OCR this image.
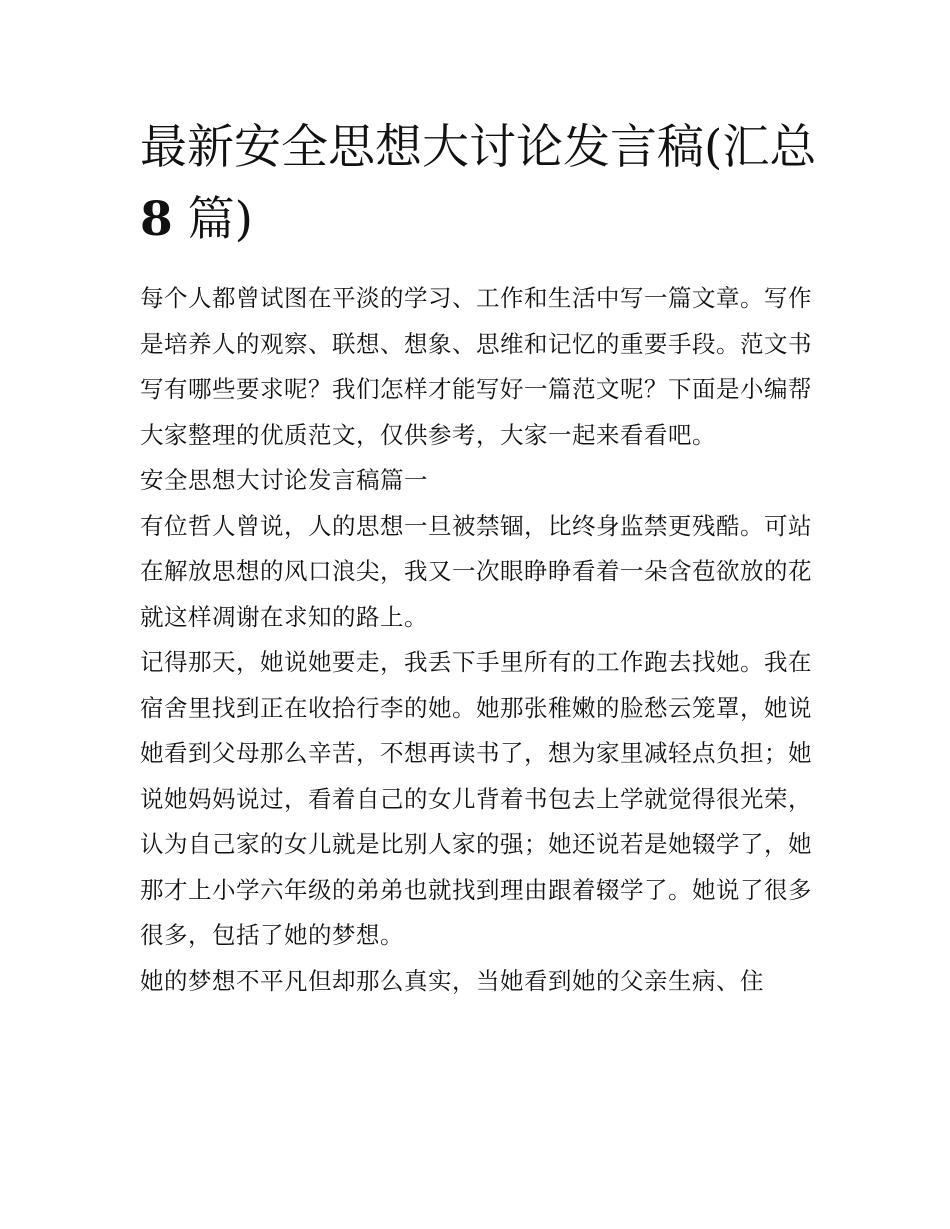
最新安全思想大讨论发言稿(汇总 8 篇)

每个人都曾试图在平淡的学习、工作和生活中写一篇文章。写作是培养人的观察、联想、想象、思维和记忆的重要手段。范文书写有哪些要求呢？我们怎样才能写好一篇范文呢？下面是小编帮大家整理的优质范文，仅供参考，大家一起来看看吧。

安全思想大讨论发言稿篇一

有位哲人曾说，人的思想一旦被禁锢，比终身监禁更残酷。可站在解放思想的风口浪尖，我又一次眼睁睁看着一朵含苞欲放的花就这样凋谢在求知的路上。

记得那天，她说她要走，我丢下手里所有的工作跑去找她。我在宿舍里找到正在收拾行李的她。她那张稚嫩的脸愁云笼罩，她说她看到父母那么辛苦，不想再读书了，想为家里减轻点负担；她说她妈妈说过，看着自己的女儿背着书包去上学就觉得很光荣，认为自己家的女儿就是比别人家的强；她还说若是她辍学了，她那才上小学六年级的弟弟也就找到理由跟着辍学了。她说了很多很多，包括了她的梦想。

她的梦想不平凡但却那么真实，当她看到她的父亲生病、住
